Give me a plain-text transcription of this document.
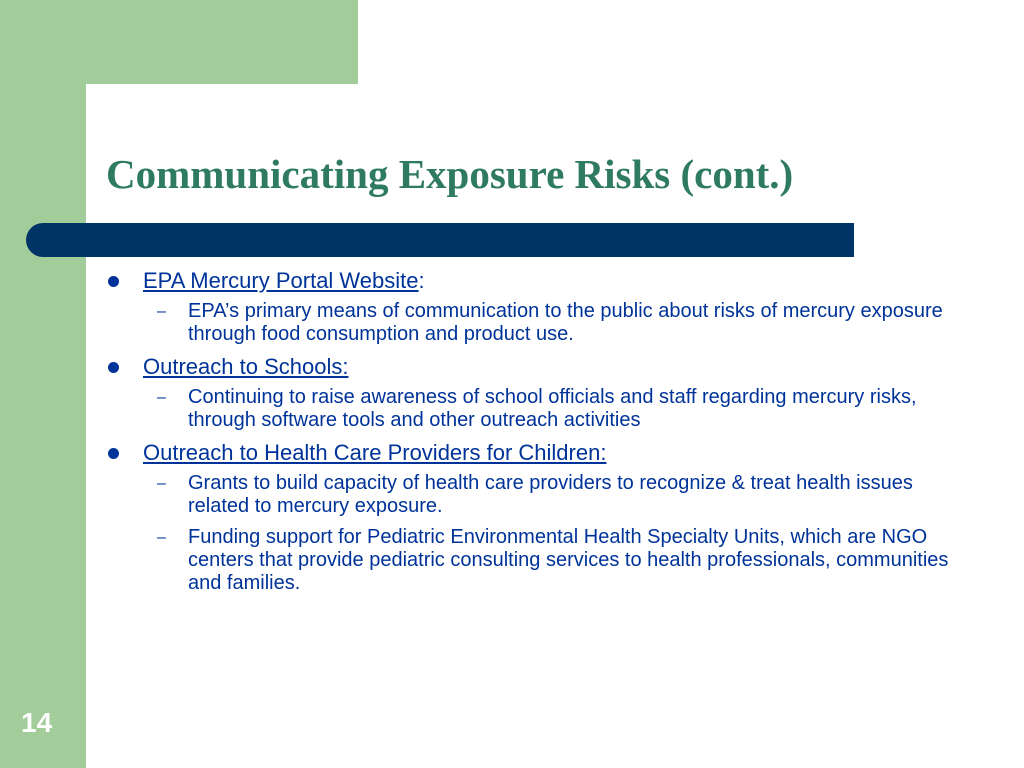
Communicating Exposure Risks (cont.)
EPA Mercury Portal Website:
– EPA’s primary means of communication to the public about risks of mercury exposure through food consumption and product use.
Outreach to Schools:
– Continuing to raise awareness of school officials and staff regarding mercury risks, through software tools and other outreach activities
Outreach to Health Care Providers for Children:
– Grants to build capacity of health care providers to recognize & treat health issues related to mercury exposure.
– Funding support for Pediatric Environmental Health Specialty Units, which are NGO centers that provide pediatric consulting services to health professionals, communities and families.
14
